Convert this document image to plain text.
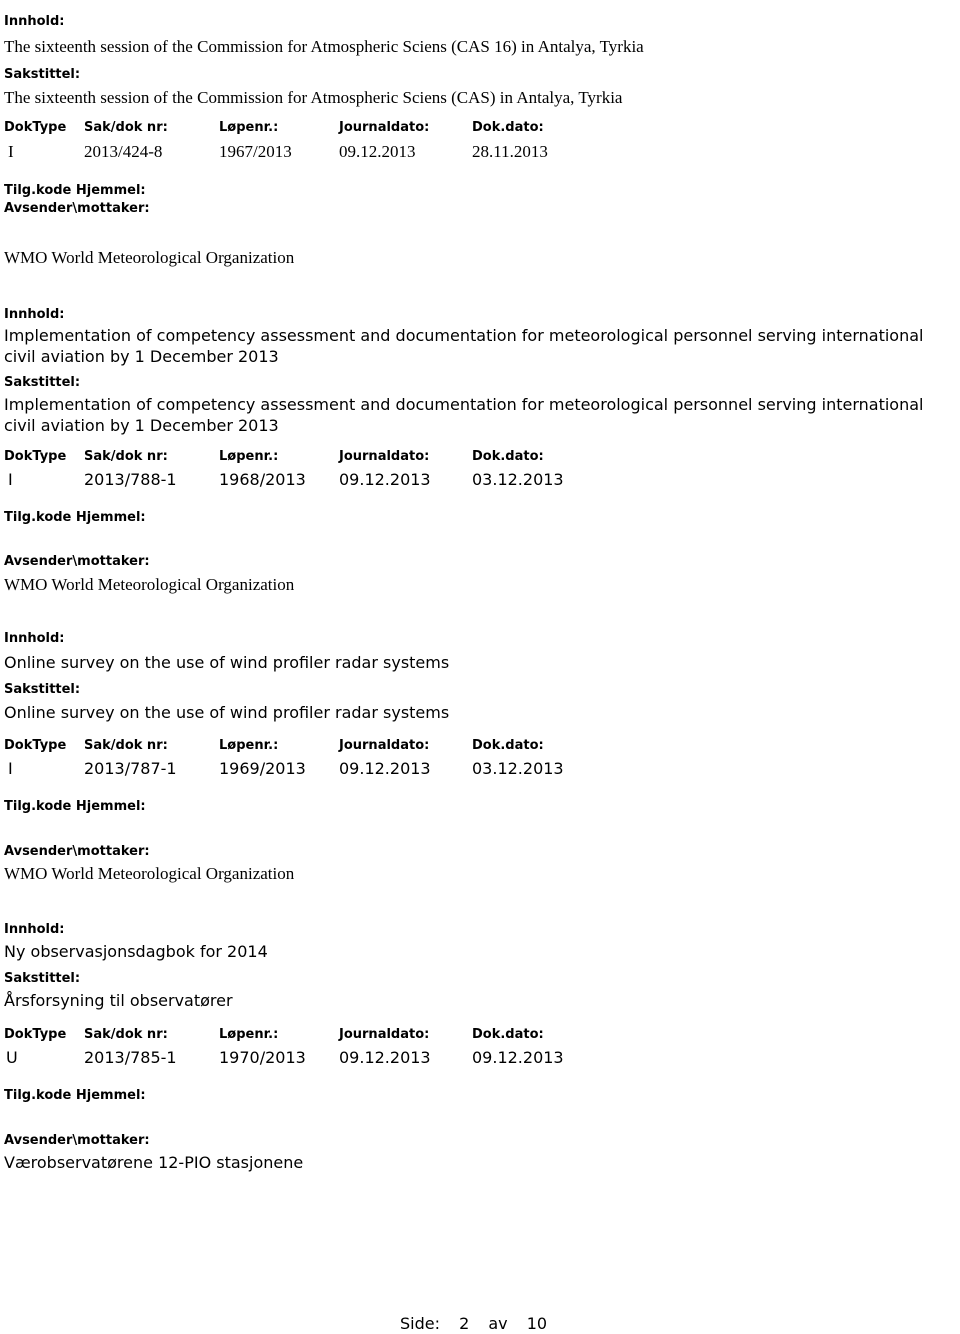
Innhold:
The sixteenth session of the Commission for Atmospheric Sciens (CAS 16) in Antalya, Tyrkia
Sakstittel:
The sixteenth session of the Commission for Atmospheric Sciens (CAS) in Antalya, Tyrkia
DokType Sak/dok nr:	Løpenr.:	Journaldato:	Dok.dato:
I	2013/424-8	1967/2013	09.12.2013	28.11.2013
Tilg.kode Hjemmel:
Avsender\mottaker:
WMO World Meteorological Organization
Innhold:
Implementation of competency assessment and documentation for meteorological personnel serving international civil aviation by 1 December 2013
Sakstittel:
Implementation of competency assessment and documentation for meteorological personnel serving international civil aviation by 1 December 2013
DokType Sak/dok nr:	Løpenr.:	Journaldato:	Dok.dato:
I	2013/788-1	1968/2013 09.12.2013	03.12.2013
Tilg.kode Hjemmel:
Avsender\mottaker:
WMO World Meteorological Organization
Innhold:
Online survey on the use of wind profiler radar systems
Sakstittel:
Online survey on the use of wind profiler radar systems
DokType Sak/dok nr:	Løpenr.:	Journaldato:	Dok.dato:
I	2013/787-1	1969/2013 09.12.2013	03.12.2013
Tilg.kode Hjemmel:
Avsender\mottaker:
WMO World Meteorological Organization
Innhold:
Ny observasjonsdagbok for 2014
Sakstittel:
Årsforsyning til observatører
DokType Sak/dok nr:	Løpenr.:	Journaldato:	Dok.dato:
U	2013/785-1	1970/2013 09.12.2013	09.12.2013
Tilg.kode Hjemmel:
Avsender\mottaker:
Værobservatørene 12-PIO stasjonene
Side: 2 av 10
